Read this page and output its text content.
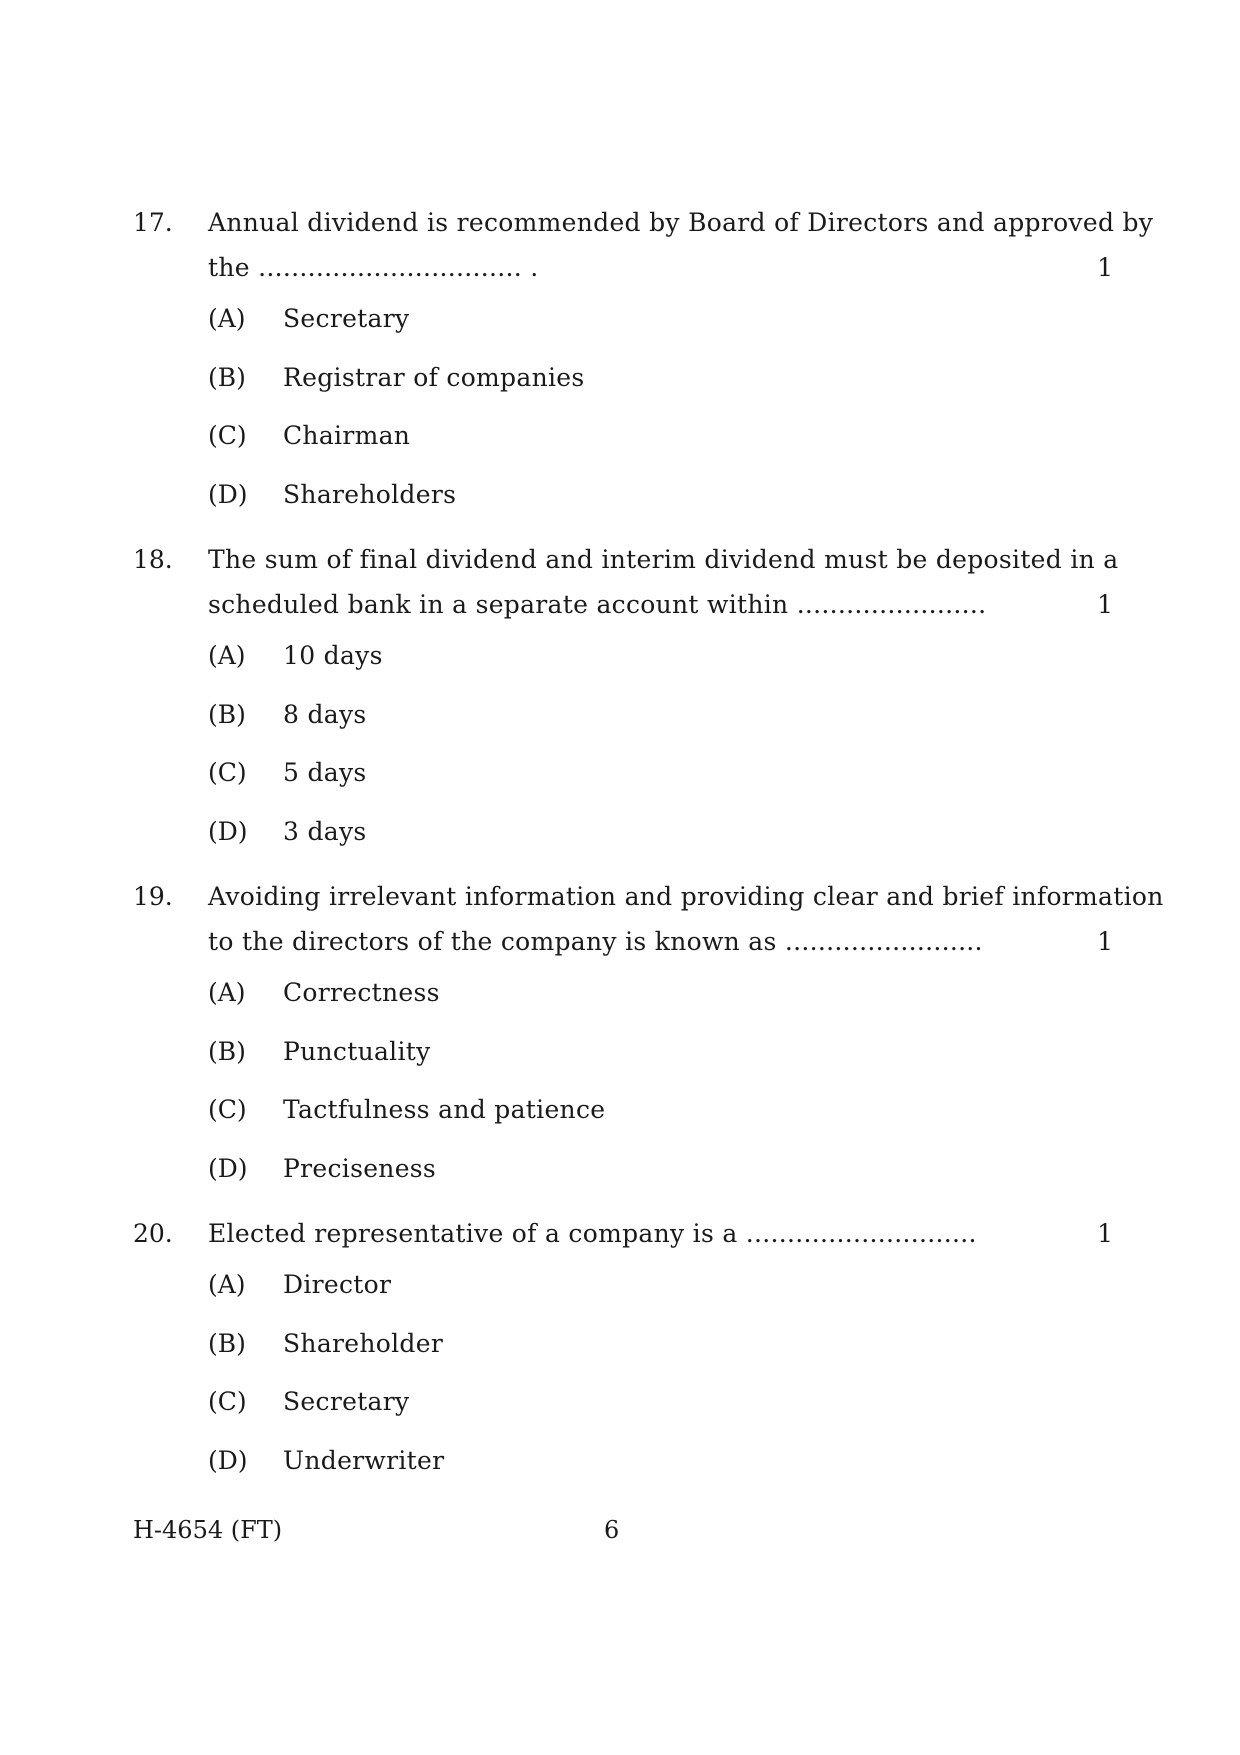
17. Annual dividend is recommended by Board of Directors and approved by
the ................................ .	1
(A) Secretary
(B) Registrar of companies
(C) Chairman
(D) Shareholders
18. The sum of final dividend and interim dividend must be deposited in a
scheduled bank in a separate account within .......................	1
(A) 10 days
(B) 8 days
(C) 5 days
(D) 3 days
19. Avoiding irrelevant information and providing clear and brief information
to the directors of the company is known as ........................	1
(A) Correctness
(B) Punctuality
(C) Tactfulness and patience
(D) Preciseness
20. Elected representative of a company is a ............................	1
(A) Director
(B) Shareholder
(C) Secretary
(D) Underwriter
H-4654 (FT)	6
